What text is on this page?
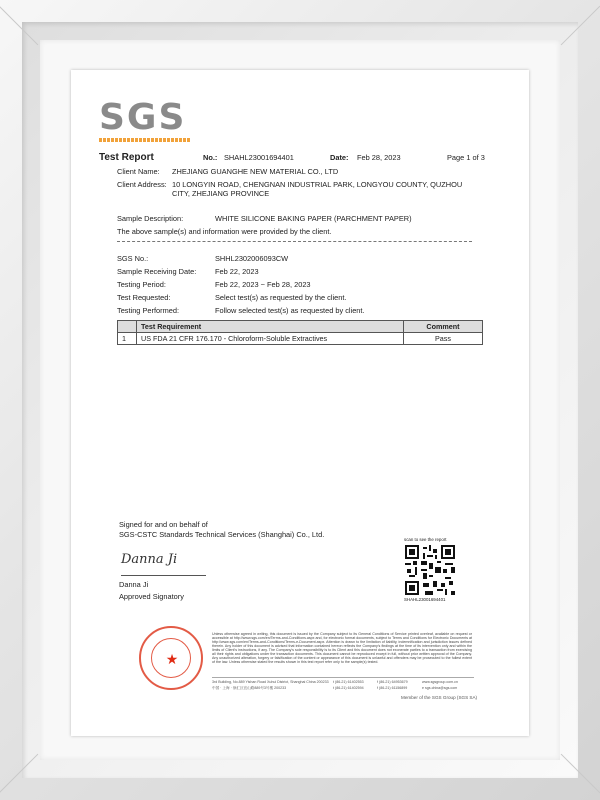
SGS
Test Report	No.: SHAHL23001694401	Date: Feb 28, 2023	Page 1 of 3
Client Name: ZHEJIANG GUANGHE NEW MATERIAL CO., LTD
Client Address: 10 LONGYIN ROAD, CHENGNAN INDUSTRIAL PARK, LONGYOU COUNTY, QUZHOU
CITY, ZHEJIANG PROVINCE
Sample Description:	WHITE SILICONE BAKING PAPER (PARCHMENT PAPER)
The above sample(s) and information were provided by the client.
SGS No.:	SHHL2302006093CW
Sample Receiving Date:	Feb 22, 2023
Testing Period:	Feb 22, 2023 ~ Feb 28, 2023
Test Requested:	Select test(s) as requested by the client.
Testing Performed:	Follow selected test(s) as requested by client.
	Test Requirement	Comment
1	US FDA 21 CFR 176.170 - Chloroform-Soluble Extractives	Pass
Signed for and on behalf of
SGS-CSTC Standards Technical Services (Shanghai) Co., Ltd.
Danna Ji
Danna Ji
Approved Signatory
scan to see the report
SHAHL23001694401
★
Unless otherwise agreed in writing, this document is issued by the Company subject to its General Conditions of Service printed overleaf, available on request or accessible at http://www.sgs.com/en/Terms-and-Conditions.aspx and, for electronic format documents, subject to Terms and Conditions for Electronic Documents at http://www.sgs.com/en/Terms-and-Conditions/Terms-e-Document.aspx. Attention is drawn to the limitation of liability, indemnification and jurisdiction issues defined therein. Any holder of this document is advised that information contained hereon reflects the Company's findings at the time of its intervention only and within the limits of Client's instructions, if any. The Company's sole responsibility is to its Client and this document does not exonerate parties to a transaction from exercising all their rights and obligations under the transaction documents. This document cannot be reproduced except in full, without prior written approval of the Company. Any unauthorized alteration, forgery or falsification of the content or appearance of this document is unlawful and offenders may be prosecuted to the fullest extent of the law. Unless otherwise stated the results shown in this test report refer only to the sample(s) tested.
3rd Building, No.889 Yishan Road Xuhui District, Shanghai China 200233
中国 · 上海 · 徐汇区宜山路889号3号楼 200233
t (86-21) 61402553
t (86-21) 61402594
f (86-21) 64953679
f (86-21) 61156899
www.sgsgroup.com.cn
e sgs.china@sgs.com
Member of the SGS Group (SGS SA)
